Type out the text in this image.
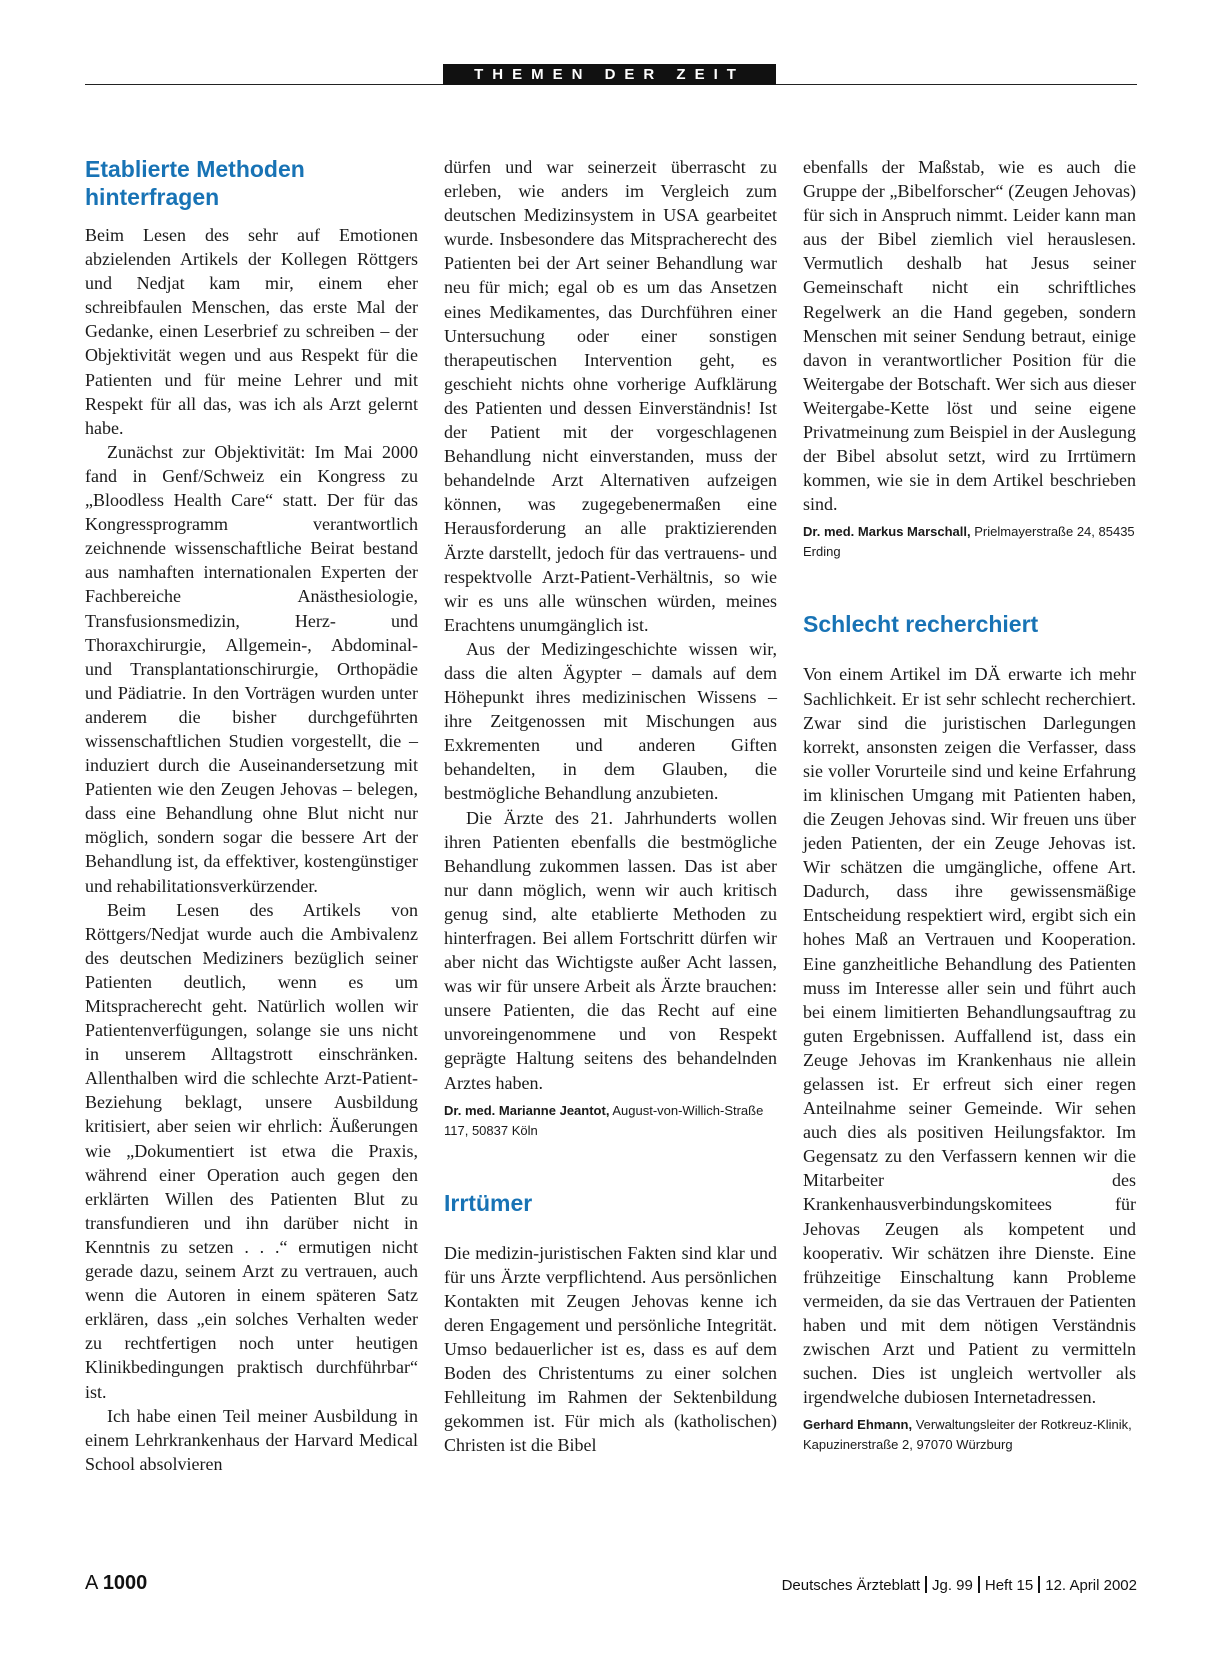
THEMEN DER ZEIT
Etablierte Methoden hinterfragen

Beim Lesen des sehr auf Emotionen abzielenden Artikels der Kollegen Röttgers und Nedjat kam mir, einem eher schreibfaulen Menschen, das erste Mal der Gedanke, einen Leserbrief zu schreiben – der Objektivität wegen und aus Respekt für die Patienten und für meine Lehrer und mit Respekt für all das, was ich als Arzt gelernt habe.

Zunächst zur Objektivität: Im Mai 2000 fand in Genf/Schweiz ein Kongress zu „Bloodless Health Care“ statt. Der für das Kongressprogramm verantwortlich zeichnende wissenschaftliche Beirat bestand aus namhaften internationalen Experten der Fachbereiche Anästhesiologie, Transfusionsmedizin, Herz- und Thoraxchirurgie, Allgemein-, Abdominal- und Transplantationschirurgie, Orthopädie und Pädiatrie. In den Vorträgen wurden unter anderem die bisher durchgeführten wissenschaftlichen Studien vorgestellt, die – induziert durch die Auseinandersetzung mit Patienten wie den Zeugen Jehovas – belegen, dass eine Behandlung ohne Blut nicht nur möglich, sondern sogar die bessere Art der Behandlung ist, da effektiver, kostengünstiger und rehabilitationsverkürzender.

Beim Lesen des Artikels von Röttgers/Nedjat wurde auch die Ambivalenz des deutschen Mediziners bezüglich seiner Patienten deutlich, wenn es um Mitspracherecht geht. Natürlich wollen wir Patientenverfügungen, solange sie uns nicht in unserem Alltagstrott einschränken. Allenthalben wird die schlechte Arzt-Patient-Beziehung beklagt, unsere Ausbildung kritisiert, aber seien wir ehrlich: Äußerungen wie „Dokumentiert ist etwa die Praxis, während einer Operation auch gegen den erklärten Willen des Patienten Blut zu transfundieren und ihn darüber nicht in Kenntnis zu setzen . . .“ ermutigen nicht gerade dazu, seinem Arzt zu vertrauen, auch wenn die Autoren in einem späteren Satz erklären, dass „ein solches Verhalten weder zu rechtfertigen noch unter heutigen Klinikbedingungen praktisch durchführbar“ ist.

Ich habe einen Teil meiner Ausbildung in einem Lehrkrankenhaus der Harvard Medical School absolvieren

dürfen und war seinerzeit überrascht zu erleben, wie anders im Vergleich zum deutschen Medizinsystem in USA gearbeitet wurde. Insbesondere das Mitspracherecht des Patienten bei der Art seiner Behandlung war neu für mich; egal ob es um das Ansetzen eines Medikamentes, das Durchführen einer Untersuchung oder einer sonstigen therapeutischen Intervention geht, es geschieht nichts ohne vorherige Aufklärung des Patienten und dessen Einverständnis! Ist der Patient mit der vorgeschlagenen Behandlung nicht einverstanden, muss der behandelnde Arzt Alternativen aufzeigen können, was zugegebenermaßen eine Herausforderung an alle praktizierenden Ärzte darstellt, jedoch für das vertrauens- und respektvolle Arzt-Patient-Verhältnis, so wie wir es uns alle wünschen würden, meines Erachtens unumgänglich ist.

Aus der Medizingeschichte wissen wir, dass die alten Ägypter – damals auf dem Höhepunkt ihres medizinischen Wissens – ihre Zeitgenossen mit Mischungen aus Exkrementen und anderen Giften behandelten, in dem Glauben, die bestmögliche Behandlung anzubieten.

Die Ärzte des 21. Jahrhunderts wollen ihren Patienten ebenfalls die bestmögliche Behandlung zukommen lassen. Das ist aber nur dann möglich, wenn wir auch kritisch genug sind, alte etablierte Methoden zu hinterfragen. Bei allem Fortschritt dürfen wir aber nicht das Wichtigste außer Acht lassen, was wir für unsere Arbeit als Ärzte brauchen: unsere Patienten, die das Recht auf eine unvoreingenommene und von Respekt geprägte Haltung seitens des behandelnden Arztes haben.

Dr. med. Marianne Jeantot, August-von-Willich-Straße 117, 50837 Köln
Irrtümer

Die medizin-juristischen Fakten sind klar und für uns Ärzte verpflichtend. Aus persönlichen Kontakten mit Zeugen Jehovas kenne ich deren Engagement und persönliche Integrität. Umso bedauerlicher ist es, dass es auf dem Boden des Christentums zu einer solchen Fehlleitung im Rahmen der Sektenbildung gekommen ist. Für mich als (katholischen) Christen ist die Bibel

ebenfalls der Maßstab, wie es auch die Gruppe der „Bibelforscher“ (Zeugen Jehovas) für sich in Anspruch nimmt. Leider kann man aus der Bibel ziemlich viel herauslesen. Vermutlich deshalb hat Jesus seiner Gemeinschaft nicht ein schriftliches Regelwerk an die Hand gegeben, sondern Menschen mit seiner Sendung betraut, einige davon in verantwortlicher Position für die Weitergabe der Botschaft. Wer sich aus dieser Weitergabe-Kette löst und seine eigene Privatmeinung zum Beispiel in der Auslegung der Bibel absolut setzt, wird zu Irrtümern kommen, wie sie in dem Artikel beschrieben sind.

Dr. med. Markus Marschall, Prielmayerstraße 24, 85435 Erding
Schlecht recherchiert

Von einem Artikel im DÄ erwarte ich mehr Sachlichkeit. Er ist sehr schlecht recherchiert. Zwar sind die juristischen Darlegungen korrekt, ansonsten zeigen die Verfasser, dass sie voller Vorurteile sind und keine Erfahrung im klinischen Umgang mit Patienten haben, die Zeugen Jehovas sind. Wir freuen uns über jeden Patienten, der ein Zeuge Jehovas ist. Wir schätzen die umgängliche, offene Art. Dadurch, dass ihre gewissensmäßige Entscheidung respektiert wird, ergibt sich ein hohes Maß an Vertrauen und Kooperation. Eine ganzheitliche Behandlung des Patienten muss im Interesse aller sein und führt auch bei einem limitierten Behandlungsauftrag zu guten Ergebnissen. Auffallend ist, dass ein Zeuge Jehovas im Krankenhaus nie allein gelassen ist. Er erfreut sich einer regen Anteilnahme seiner Gemeinde. Wir sehen auch dies als positiven Heilungsfaktor. Im Gegensatz zu den Verfassern kennen wir die Mitarbeiter des Krankenhausverbindungskomitees für Jehovas Zeugen als kompetent und kooperativ. Wir schätzen ihre Dienste. Eine frühzeitige Einschaltung kann Probleme vermeiden, da sie das Vertrauen der Patienten haben und mit dem nötigen Verständnis zwischen Arzt und Patient zu vermitteln suchen. Dies ist ungleich wertvoller als irgendwelche dubiosen Internetadressen.

Gerhard Ehmann, Verwaltungsleiter der Rotkreuz-Klinik, Kapuzinerstraße 2, 97070 Würzburg
A 1000	Deutsches Ärzteblatt Jg. 99 Heft 15 12. April 2002
